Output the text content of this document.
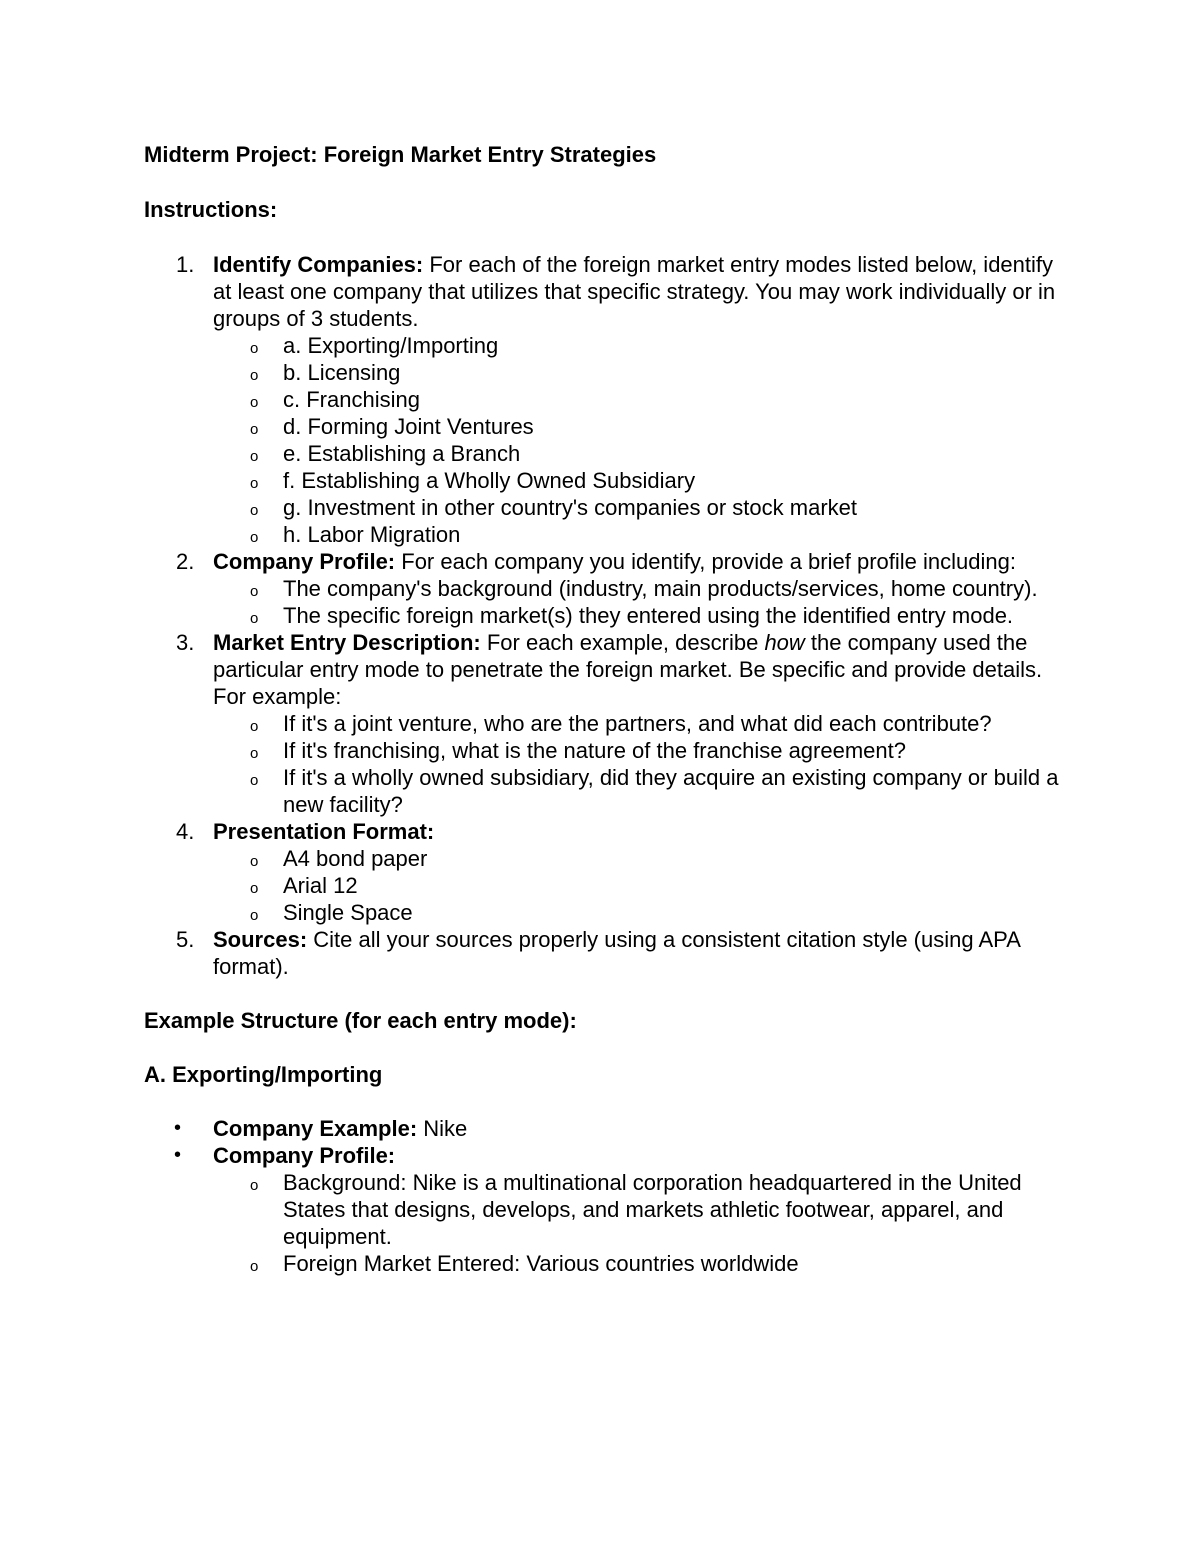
Midterm Project: Foreign Market Entry Strategies

Instructions:

1. Identify Companies: For each of the foreign market entry modes listed below, identify at least one company that utilizes that specific strategy. You may work individually or in groups of 3 students.
o a. Exporting/Importing
o b. Licensing
o c. Franchising
o d. Forming Joint Ventures
o e. Establishing a Branch
o f. Establishing a Wholly Owned Subsidiary
o g. Investment in other country's companies or stock market
o h. Labor Migration
2. Company Profile: For each company you identify, provide a brief profile including:
o The company's background (industry, main products/services, home country).
o The specific foreign market(s) they entered using the identified entry mode.
3. Market Entry Description: For each example, describe how the company used the particular entry mode to penetrate the foreign market. Be specific and provide details. For example:
o If it's a joint venture, who are the partners, and what did each contribute?
o If it's franchising, what is the nature of the franchise agreement?
o If it's a wholly owned subsidiary, did they acquire an existing company or build a new facility?
4. Presentation Format:
o A4 bond paper
o Arial 12
o Single Space
5. Sources: Cite all your sources properly using a consistent citation style (using APA format).

Example Structure (for each entry mode):

A. Exporting/Importing

• Company Example: Nike
• Company Profile:
o Background: Nike is a multinational corporation headquartered in the United States that designs, develops, and markets athletic footwear, apparel, and equipment.
o Foreign Market Entered: Various countries worldwide
